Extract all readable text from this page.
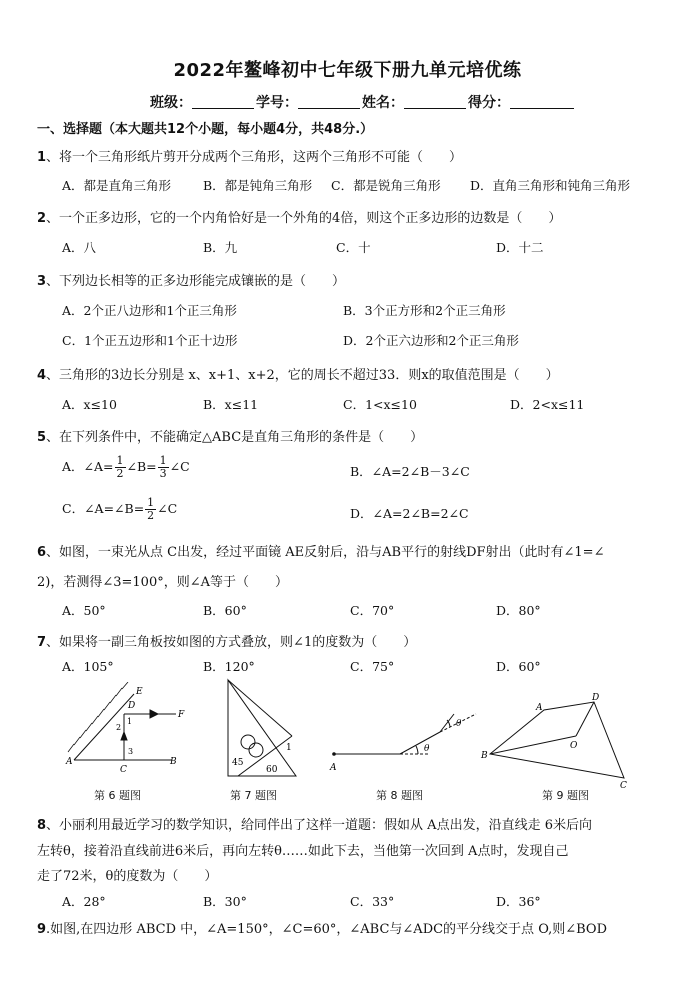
2022年鳌峰初中七年级下册九单元培优练
班级：	学号：	姓名：	得分：
一、选择题（本大题共12个小题，每小题4分，共48分.）
1、将一个三角形纸片剪开分成两个三角形，这两个三角形不可能（　　）
A．都是直角三角形	B．都是钝角三角形 C．都是锐角三角形 D．直角三角形和钝角三角形
2、一个正多边形，它的一个内角恰好是一个外角的4倍，则这个正多边形的边数是（　　）
A．八	B．九	C．十	D．十二
3、下列边长相等的正多边形能完成镶嵌的是（　　）
A．2个正八边形和1个正三角形	B．3个正方形和2个正三角形
C．1个正五边形和1个正十边形	D．2个正六边形和2个正三角形
4、三角形的3边长分别是 x、x+1、x+2，它的周长不超过33．则x的取值范围是（　　）
A．x≤10	B．x≤11	C．1<x≤10	D．2<x≤11
5、在下列条件中，不能确定△ABC是直角三角形的条件是（　　）
A．∠A= $\frac{1}{2}$ ∠B= $\frac{1}{3}$ ∠C	B．∠A=2∠B－3∠C
C．∠A=∠B= $\frac{1}{2}$ ∠C	D．∠A=2∠B=2∠C
6、如图，一束光从点 C出发，经过平面镜 AE反射后，沿与AB平行的射线DF射出（此时有∠1=∠
2)，若测得∠3=100°，则∠A等于（　　）
A．50°	B．60°	C．70°	D．80°
7、如果将一副三角板按如图的方式叠放，则∠1的度数为（　　）
A．105°	B．120°	C．75°	D．60°
E
D
F
1
2
3
A
C
B
第 6 题图
1
45
60
第 7 题图
A
θ
θ
第 8 题图
A
D
O
B
C
第 9 题图
8、小丽利用最近学习的数学知识，给同伴出了这样一道题：假如从 A点出发，沿直线走 6米后向
左转θ，接着沿直线前进6米后，再向左转θ……如此下去，当他第一次回到 A点时，发现自己
走了72米，θ的度数为（　　）
A．28°	B．30°	C．33°	D．36°
9.如图,在四边形 ABCD 中，∠A=150°，∠C=60°，∠ABC与∠ADC的平分线交于点 O,则∠BOD
